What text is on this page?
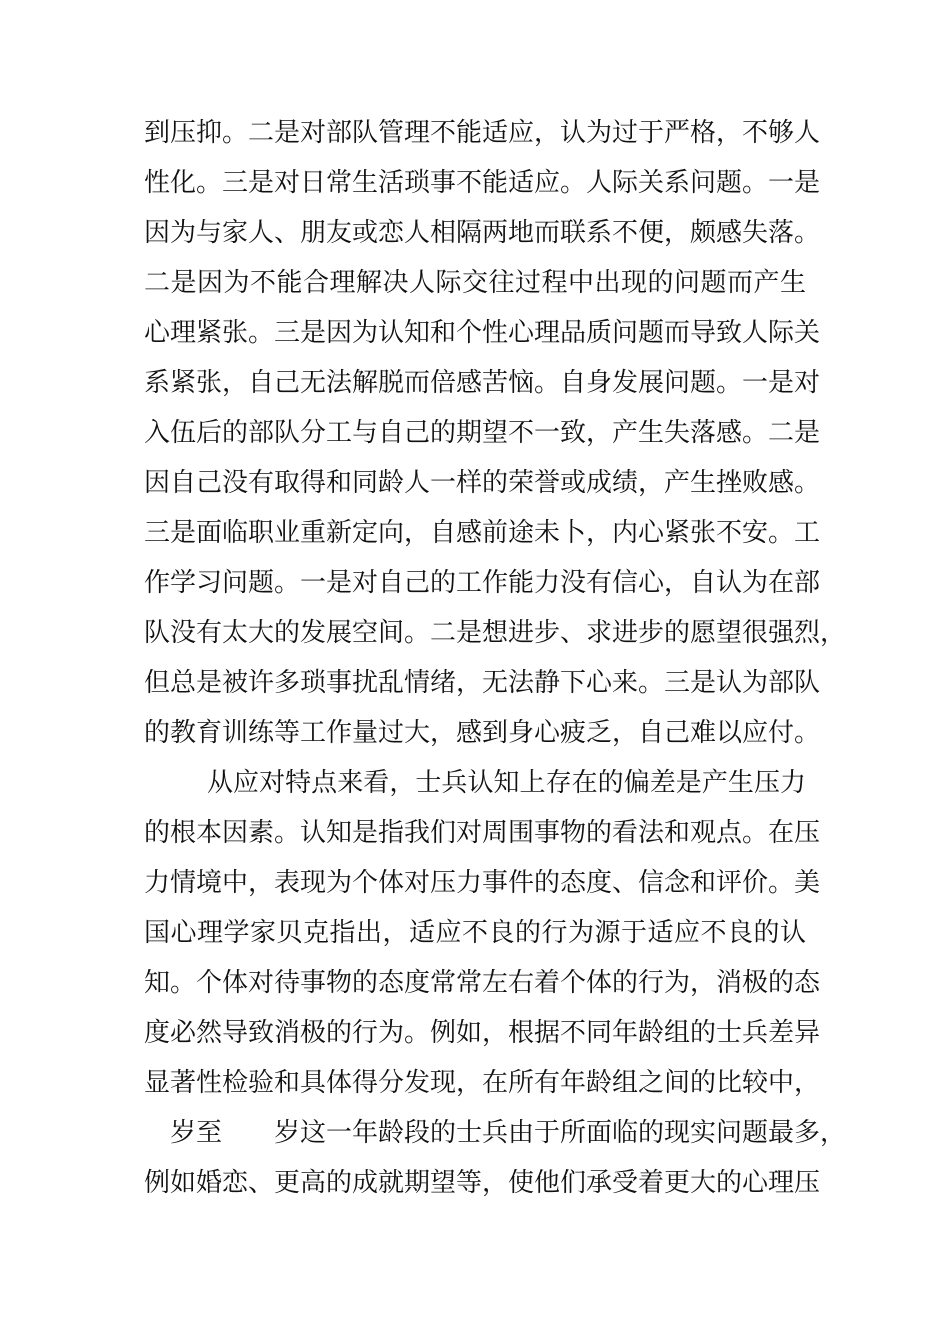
到压抑。二是对部队管理不能适应，认为过于严格，不够人
性化。三是对日常生活琐事不能适应。人际关系问题。一是
因为与家人、朋友或恋人相隔两地而联系不便，颇感失落。
二是因为不能合理解决人际交往过程中出现的问题而产生
心理紧张。三是因为认知和个性心理品质问题而导致人际关
系紧张，自己无法解脱而倍感苦恼。自身发展问题。一是对
入伍后的部队分工与自己的期望不一致，产生失落感。二是
因自己没有取得和同龄人一样的荣誉或成绩，产生挫败感。
三是面临职业重新定向，自感前途未卜，内心紧张不安。工
作学习问题。一是对自己的工作能力没有信心，自认为在部
队没有太大的发展空间。二是想进步、求进步的愿望很强烈，
但总是被许多琐事扰乱情绪，无法静下心来。三是认为部队
的教育训练等工作量过大，感到身心疲乏，自己难以应付。
从应对特点来看，士兵认知上存在的偏差是产生压力
的根本因素。认知是指我们对周围事物的看法和观点。在压
力情境中，表现为个体对压力事件的态度、信念和评价。美
国心理学家贝克指出，适应不良的行为源于适应不良的认
知。个体对待事物的态度常常左右着个体的行为，消极的态
度必然导致消极的行为。例如，根据不同年龄组的士兵差异
显著性检验和具体得分发现，在所有年龄组之间的比较中，
　岁至　　岁这一年龄段的士兵由于所面临的现实问题最多，
例如婚恋、更高的成就期望等，使他们承受着更大的心理压
